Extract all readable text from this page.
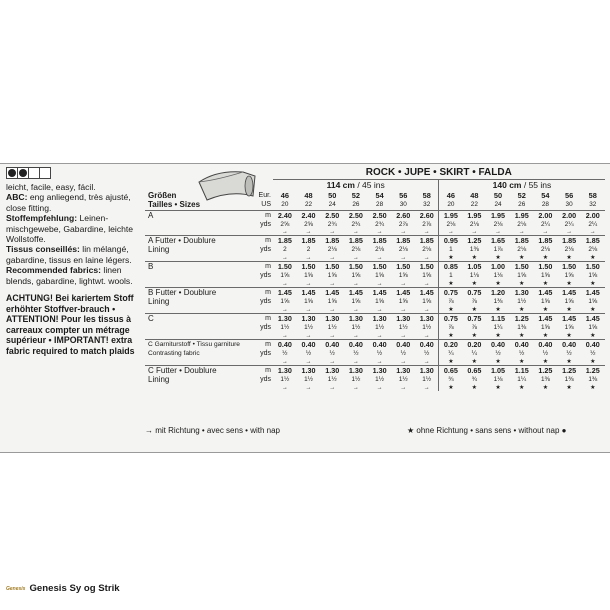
leicht, facile, easy, fácil.
ABC: eng anliegend, très ajusté, close fitting.
Stoffempfehlung: Leinen-mischgewebe, Gabardine, leichte Wollstoffe.
Tissus conseillés: lin mélangé, gabardine, tissus en laine légers.
Recommended fabrics: linen blends, gabardine, lightwt. wools.
ACHTUNG! Bei kariertem Stoff erhöhter Stoffver-brauch • ATTENTION! Pour les tissus à carreaux compter un métrage supérieur • IMPORTANT! extra fabric required to match plaids
		ROCK • JUPE • SKIRT • FALDA													
		114 cm / 45 ins							140 cm / 55 ins						
Größen	Eur.	46	48	50	52	54	56	58	46	48	50	52	54	56	58
Tailles • Sizes	US	20	22	24	26	28	30	32	20	22	24	26	28	30	32
A	m	2.40	2.40	2.50	2.50	2.50	2.60	2.60	1.95	1.95	1.95	1.95	2.00	2.00	2.00
	yds	2⅝	2⅝	2¾	2¾	2¾	2⅞	2⅞	2⅛	2⅛	2⅛	2⅛	2¼	2¼	2¼
		→	→	→	→	→	→	→	→	→	→	→	→	→	→
A Futter • Doublure	m	1.85	1.85	1.85	1.85	1.85	1.85	1.85	0.95	1.25	1.65	1.85	1.85	1.85	1.85
Lining	yds	2	2	2⅛	2⅛	2⅛	2⅛	2⅛	1	1⅜	1⅞	2⅛	2⅛	2⅛	2⅛
		→	→	→	→	→	→	→	★	★	★	★	★	★	★
B	m	1.50	1.50	1.50	1.50	1.50	1.50	1.50	0.85	1.05	1.00	1.50	1.50	1.50	1.50
	yds	1⅝	1⅝	1⅝	1⅝	1⅝	1⅝	1⅝	1	1⅛	1⅛	1⅝	1⅝	1⅝	1⅝
		→	→	→	→	→	→	→	★	★	★	★	★	★	★
B Futter • Doublure	m	1.45	1.45	1.45	1.45	1.45	1.45	1.45	0.75	0.75	1.20	1.30	1.45	1.45	1.45
Lining	yds	1⅝	1⅝	1⅝	1⅝	1⅝	1⅝	1⅝	⅞	⅞	1⅜	1½	1⅝	1⅝	1⅝
		→	→	→	→	→	→	→	★	★	★	★	★	★	★
C	m	1.30	1.30	1.30	1.30	1.30	1.30	1.30	0.75	0.75	1.15	1.25	1.45	1.45	1.45
	yds	1½	1½	1½	1½	1½	1½	1½	⅞	⅞	1¼	1⅜	1⅝	1⅝	1⅝
		→	→	→	→	→	→	→	★	★	★	★	★	★	★
C Garniturstoff • Tissu garniture	m	0.40	0.40	0.40	0.40	0.40	0.40	0.40	0.20	0.20	0.40	0.40	0.40	0.40	0.40
Contrasting fabric	yds	½	½	½	½	½	½	½	¼	¼	½	½	½	½	½
		→	→	→	→	→	→	→	★	★	★	★	★	★	★
C Futter • Doublure	m	1.30	1.30	1.30	1.30	1.30	1.30	1.30	0.65	0.65	1.05	1.15	1.25	1.25	1.25
Lining	yds	1½	1½	1½	1½	1½	1½	1½	¾	¾	1⅛	1¼	1⅜	1⅜	1⅜
		→	→	→	→	→	→	→	★	★	★	★	★	★	★
→ mit Richtung • avec sens • with nap	★ ohne Richtung • sans sens • without nap ●
Genesis Genesis Sy og Strik
